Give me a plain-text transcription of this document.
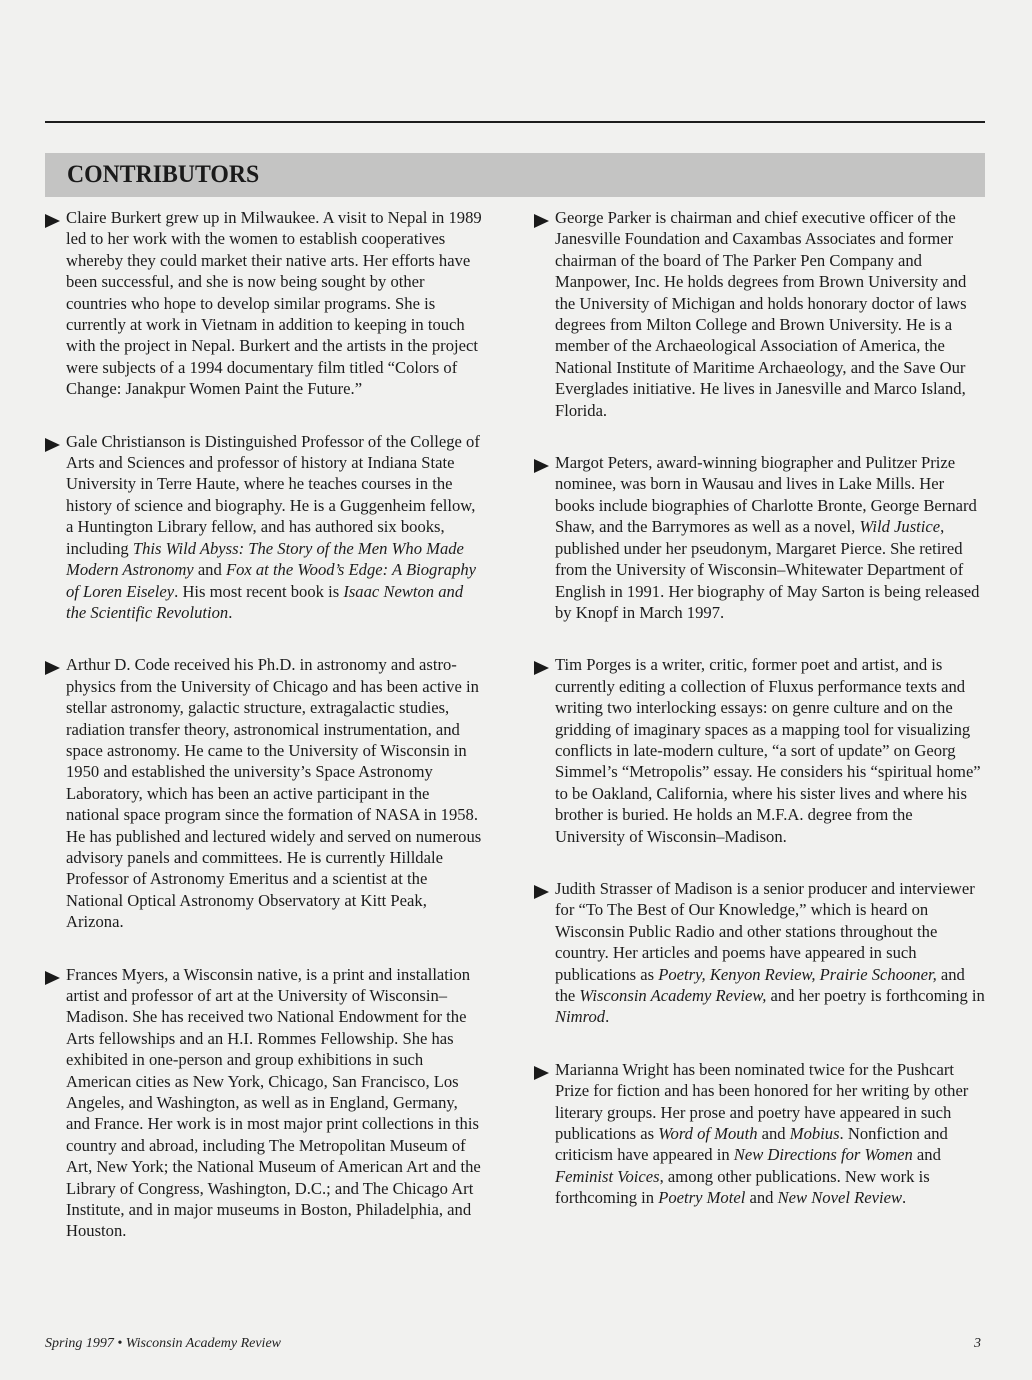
CONTRIBUTORS

Claire Burkert grew up in Milwaukee. A visit to Nepal in 1989 led to her work with the women to establish cooperatives whereby they could market their native arts. Her efforts have been successful, and she is now being sought by other countries who hope to develop similar programs. She is currently at work in Vietnam in addition to keeping in touch with the project in Nepal. Burkert and the artists in the project were subjects of a 1994 documentary film titled “Colors of Change: Janakpur Women Paint the Future.”

Gale Christianson is Distinguished Professor of the College of Arts and Sciences and professor of history at Indiana State University in Terre Haute, where he teaches courses in the history of science and biography. He is a Guggenheim fellow, a Huntington Library fellow, and has authored six books, including This Wild Abyss: The Story of the Men Who Made Modern Astronomy and Fox at the Wood’s Edge: A Biography of Loren Eiseley. His most recent book is Isaac Newton and the Scientific Revolution.

Arthur D. Code received his Ph.D. in astronomy and astrophysics from the University of Chicago and has been active in stellar astronomy, galactic structure, extragalactic studies, radiation transfer theory, astronomical instrumentation, and space astronomy. He came to the University of Wisconsin in 1950 and established the university’s Space Astronomy Laboratory, which has been an active participant in the national space program since the formation of NASA in 1958. He has published and lectured widely and served on numerous advisory panels and committees. He is currently Hilldale Professor of Astronomy Emeritus and a scientist at the National Optical Astronomy Observatory at Kitt Peak, Arizona.

Frances Myers, a Wisconsin native, is a print and installation artist and professor of art at the University of Wisconsin–Madison. She has received two National Endowment for the Arts fellowships and an H.I. Rommes Fellowship. She has exhibited in one-person and group exhibitions in such American cities as New York, Chicago, San Francisco, Los Angeles, and Washington, as well as in England, Germany, and France. Her work is in most major print collections in this country and abroad, including The Metropolitan Museum of Art, New York; the National Museum of American Art and the Library of Congress, Washington, D.C.; and The Chicago Art Institute, and in major museums in Boston, Philadelphia, and Houston.

George Parker is chairman and chief executive officer of the Janesville Foundation and Caxambas Associates and former chairman of the board of The Parker Pen Company and Manpower, Inc. He holds degrees from Brown University and the University of Michigan and holds honorary doctor of laws degrees from Milton College and Brown University. He is a member of the Archaeological Association of America, the National Institute of Maritime Archaeology, and the Save Our Everglades initiative. He lives in Janesville and Marco Island, Florida.

Margot Peters, award-winning biographer and Pulitzer Prize nominee, was born in Wausau and lives in Lake Mills. Her books include biographies of Charlotte Bronte, George Bernard Shaw, and the Barrymores as well as a novel, Wild Justice, published under her pseudonym, Margaret Pierce. She retired from the University of Wisconsin–Whitewater Department of English in 1991. Her biography of May Sarton is being released by Knopf in March 1997.

Tim Porges is a writer, critic, former poet and artist, and is currently editing a collection of Fluxus performance texts and writing two interlocking essays: on genre culture and on the gridding of imaginary spaces as a mapping tool for visualizing conflicts in late-modern culture, “a sort of update” on Georg Simmel’s “Metropolis” essay. He considers his “spiritual home” to be Oakland, California, where his sister lives and where his brother is buried. He holds an M.F.A. degree from the University of Wisconsin–Madison.

Judith Strasser of Madison is a senior producer and interviewer for “To The Best of Our Knowledge,” which is heard on Wisconsin Public Radio and other stations throughout the country. Her articles and poems have appeared in such publications as Poetry, Kenyon Review, Prairie Schooner, and the Wisconsin Academy Review, and her poetry is forthcoming in Nimrod.

Marianna Wright has been nominated twice for the Pushcart Prize for fiction and has been honored for her writing by other literary groups. Her prose and poetry have appeared in such publications as Word of Mouth and Mobius. Nonfiction and criticism have appeared in New Directions for Women and Feminist Voices, among other publications. New work is forthcoming in Poetry Motel and New Novel Review.

Spring 1997 • Wisconsin Academy Review	3
